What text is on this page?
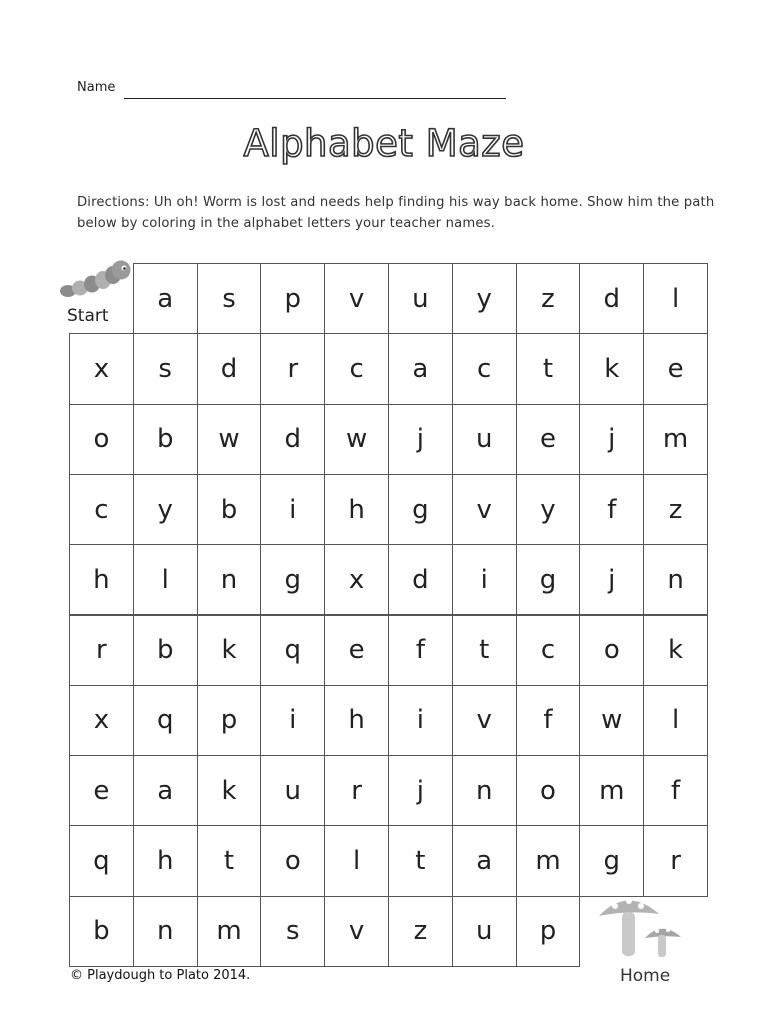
Name
Alphabet Maze
Directions: Uh oh! Worm is lost and needs help finding his way back home. Show him the path below by coloring in the alphabet letters your teacher names.
a	s	p	v	u	y	z	d	l
x	s	d	r	c	a	c	t	k	e
o	b	w	d	w	j	u	e	j	m
c	y	b	i	h	g	v	y	f	z
h	l	n	g	x	d	i	g	j	n
r	b	k	q	e	f	t	c	o	k
x	q	p	i	h	i	v	f	w	l
e	a	k	u	r	j	n	o	m	f
q	h	t	o	l	t	a	m	g	r
b	n	m	s	v	z	u	p
Start
Home
© Playdough to Plato 2014.
